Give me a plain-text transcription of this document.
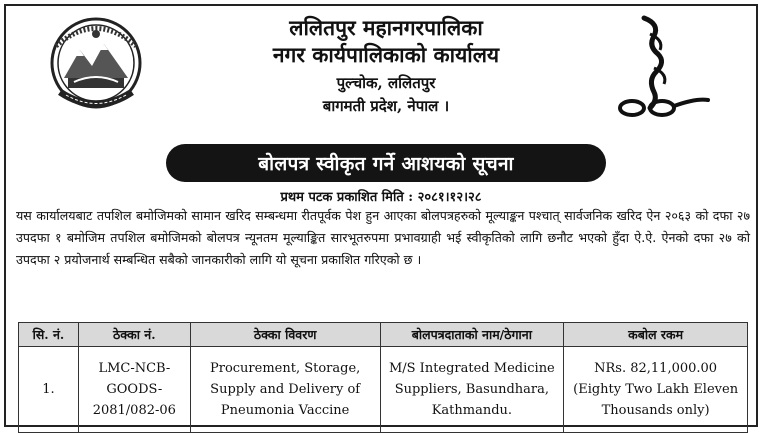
ललितपुर महानगरपालिका
नगर कार्यपालिकाको कार्यालय
पुल्चोक, ललितपुर
बागमती प्रदेश, नेपाल ।
बोलपत्र स्वीकृत गर्ने आशयको सूचना
प्रथम पटक प्रकाशित मिति : २०८१।१२।२८
यस कार्यालयबाट तपशिल बमोजिमको सामान खरिद सम्बन्धमा रीतपूर्वक पेश हुन आएका बोलपत्रहरुको मूल्याङ्कन पश्चात् सार्वजनिक खरिद ऐन २०६३ को दफा २७ उपदफा १ बमोजिम तपशिल बमोजिमको बोलपत्र न्यूनतम मूल्याङ्कित सारभूतरुपमा प्रभावग्राही भई स्वीकृतिको लागि छनौट भएको हुँदा ऐ.ऐ. ऐनको दफा २७ को उपदफा २ प्रयोजनार्थ सम्बन्धित सबैको जानकारीको लागि यो सूचना प्रकाशित गरिएको छ ।
सि. नं.	ठेक्का नं.	ठेक्का विवरण	बोलपत्रदाताको नाम/ठेगाना	कबोल रकम
1.	LMC-NCB-GOODS-2081/082-06	Procurement, Storage, Supply and Delivery of Pneumonia Vaccine	M/S Integrated Medicine Suppliers, Basundhara, Kathmandu.	NRs. 82,11,000.00 (Eighty Two Lakh Eleven Thousands only)
